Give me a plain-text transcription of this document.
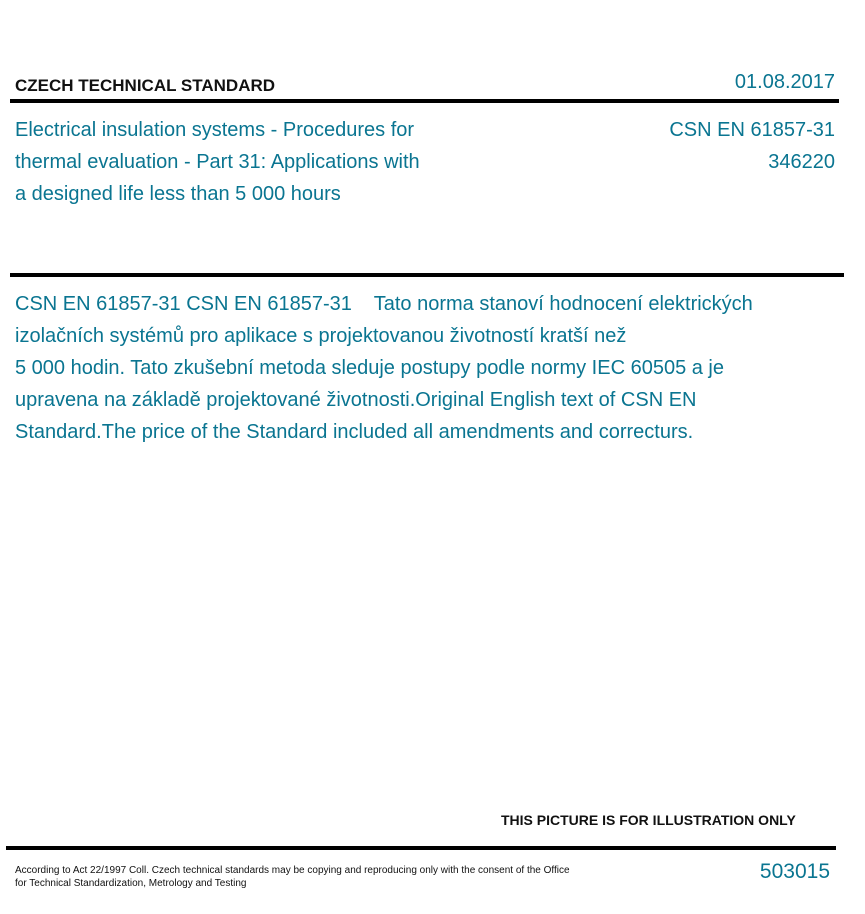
CZECH TECHNICAL STANDARD	01.08.2017
Electrical insulation systems - Procedures for
thermal evaluation - Part 31: Applications with
a designed life less than 5 000 hours
CSN EN 61857-31
346220
CSN EN 61857-31 CSN EN 61857-31    Tato norma stanoví hodnocení elektrických
izolačních systémů pro aplikace s projektovanou životností kratší než
5 000 hodin. Tato zkušební metoda sleduje postupy podle normy IEC 60505 a je
upravena na základě projektované životnosti.Original English text of CSN EN
Standard.The price of the Standard included all amendments and correcturs.
THIS PICTURE IS FOR ILLUSTRATION ONLY
According to Act 22/1997 Coll. Czech technical standards may be copying and reproducing only with the consent of the Office
for Technical Standardization, Metrology and Testing
503015
